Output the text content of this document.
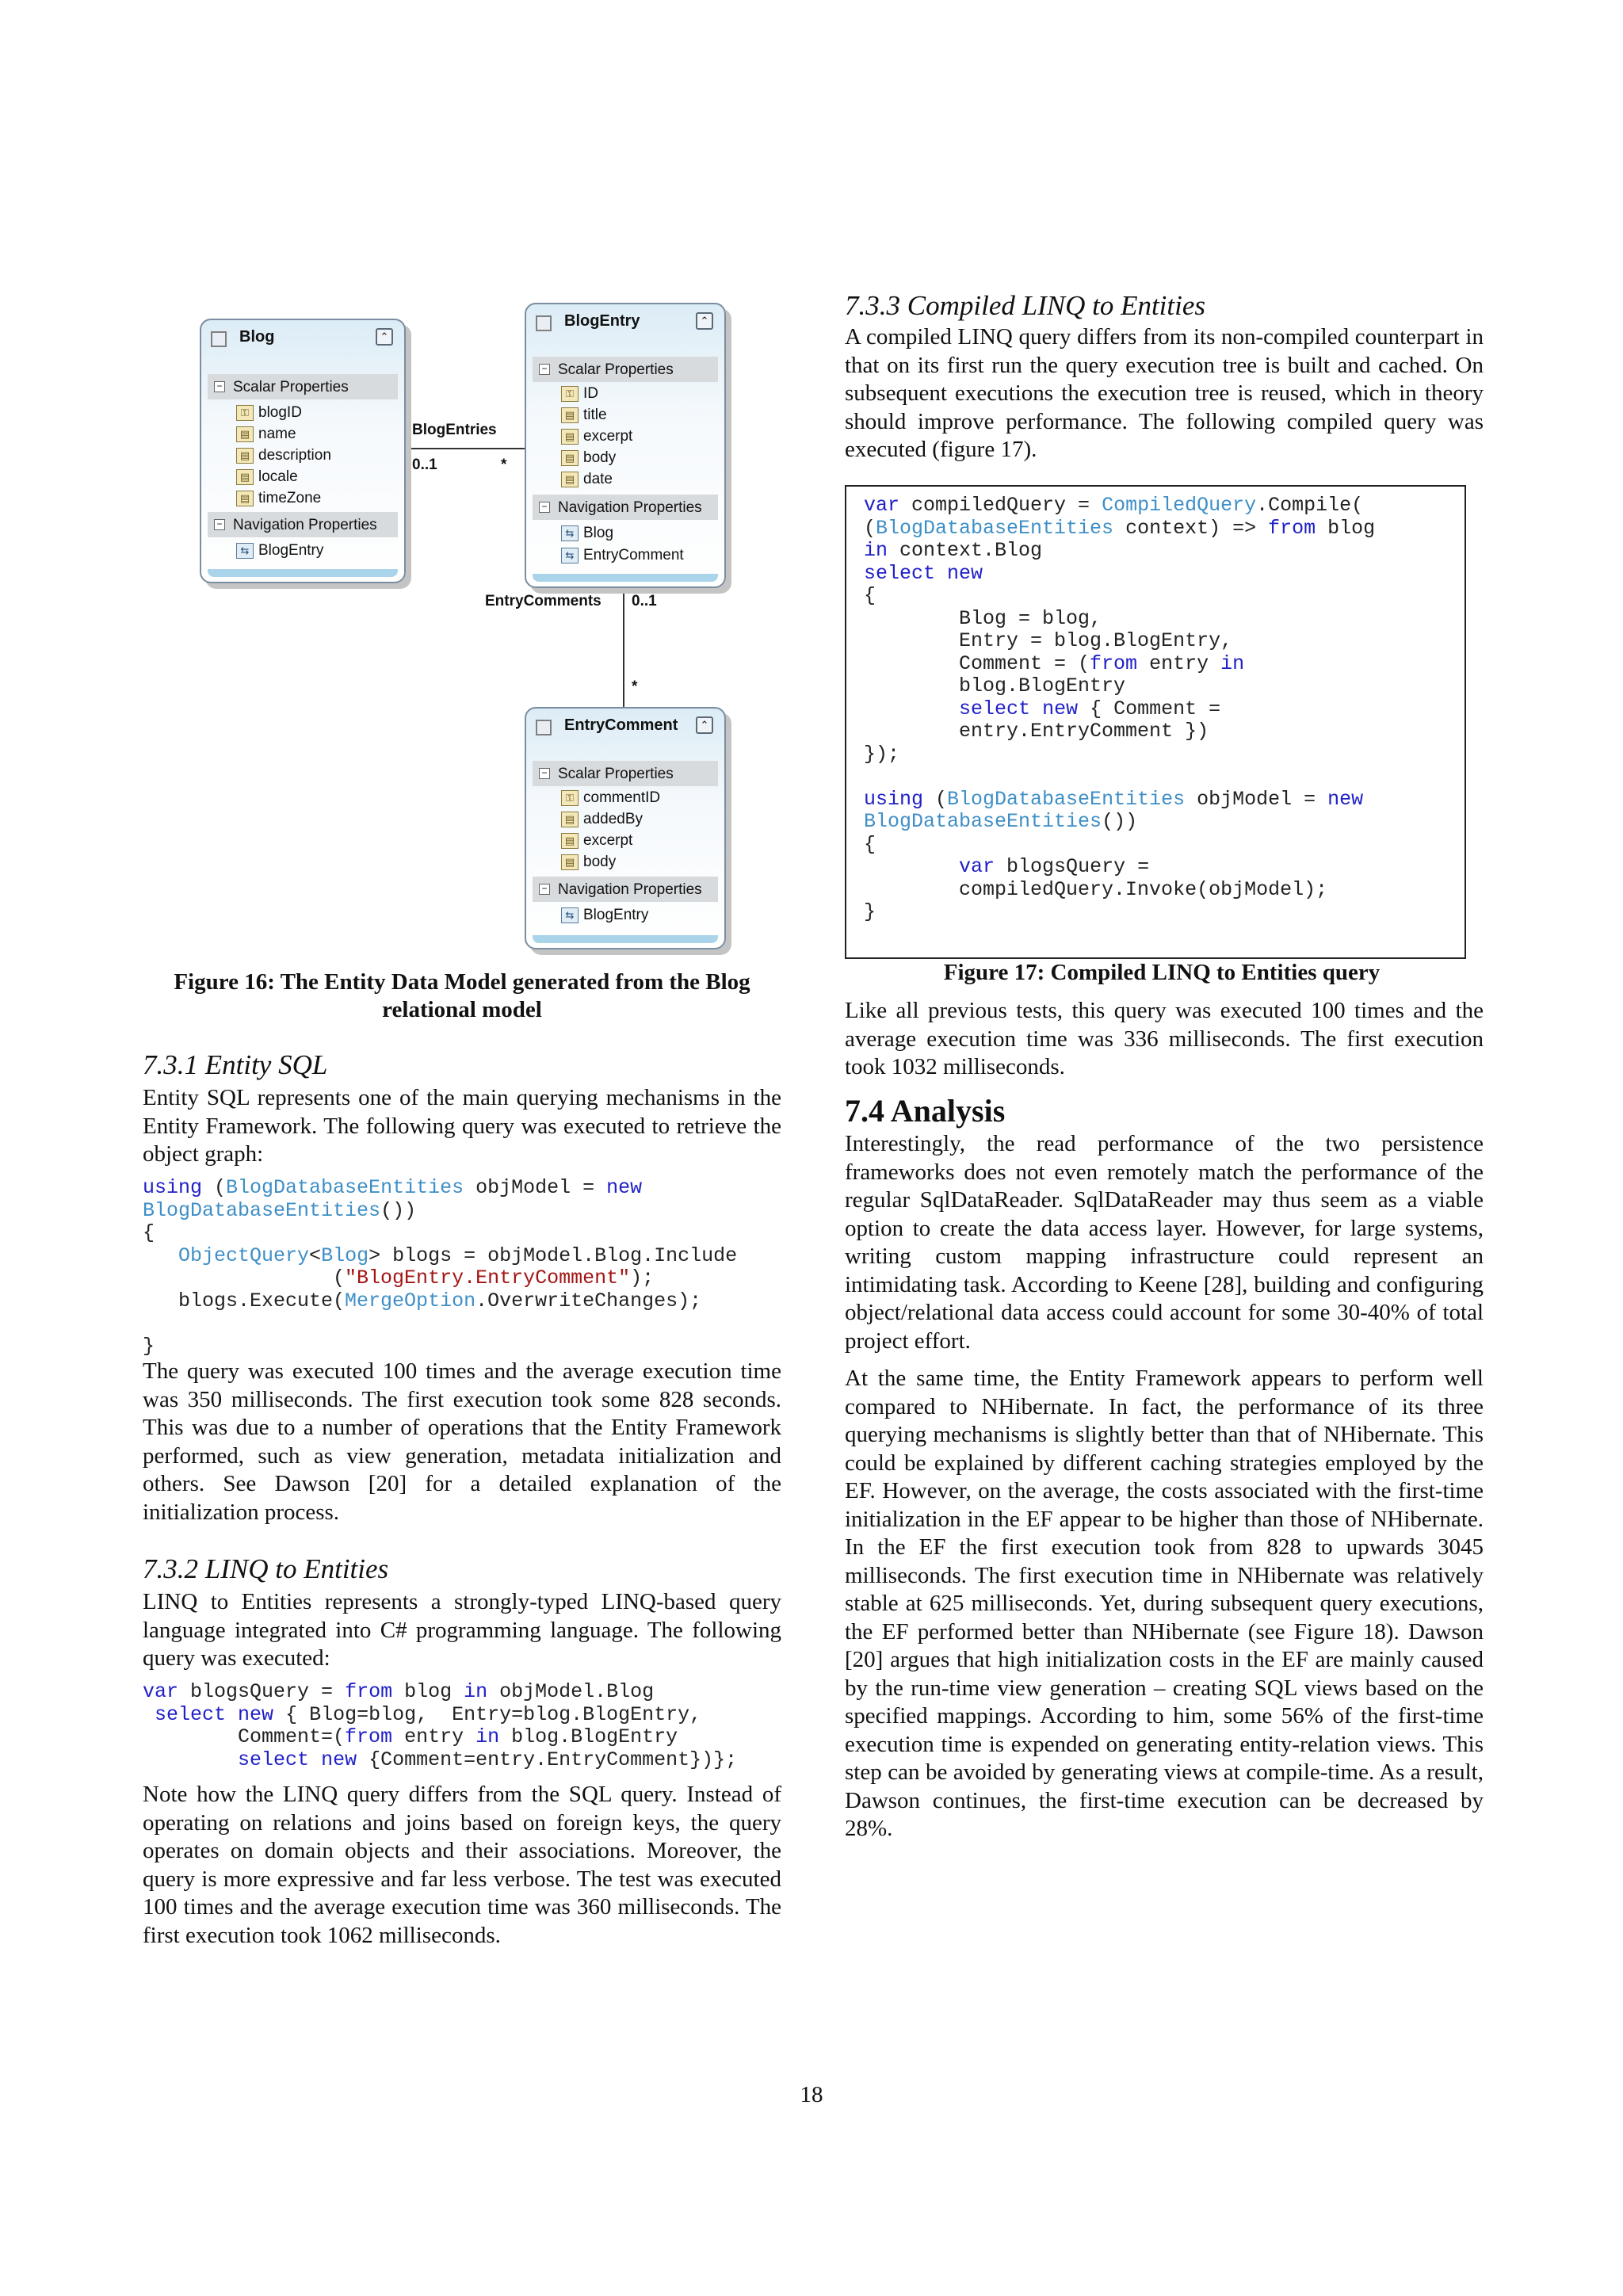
Blog	⌃
− Scalar Properties
⚿ blogID
▤ name
▤ description
▤ locale
▤ timeZone
− Navigation Properties
⇆ BlogEntry
BlogEntry	⌃
− Scalar Properties
⚿ ID
▤ title
▤ excerpt
▤ body
▤ date
− Navigation Properties
⇆ Blog
⇆ EntryComment
EntryComment	⌃
− Scalar Properties
⚿ commentID
▤ addedBy
▤ excerpt
▤ body
− Navigation Properties
⇆ BlogEntry
BlogEntries
0..1	*
EntryComments 0..1
*

Figure 16: The Entity Data Model generated from the Blog
relational model

7.3.1 Entity SQL

Entity SQL represents one of the main querying mechanisms in the Entity Framework. The following query was executed to retrieve the object graph:

using (BlogDatabaseEntities objModel = new
BlogDatabaseEntities())
{
ObjectQuery<Blog> blogs = objModel.Blog.Include
("BlogEntry.EntryComment");
blogs.Execute(MergeOption.OverwriteChanges);

}

The query was executed 100 times and the average execution time was 350 milliseconds. The first execution took some 828 seconds. This was due to a number of operations that the Entity Framework performed, such as view generation, metadata initialization and others. See Dawson [20] for a detailed explanation of the initialization process.

7.3.2 LINQ to Entities

LINQ to Entities represents a strongly-typed LINQ-based query language integrated into C# programming language. The following query was executed:

var blogsQuery = from blog in objModel.Blog
select new { Blog=blog,  Entry=blog.BlogEntry,
Comment=(from entry in blog.BlogEntry
select new {Comment=entry.EntryComment})};

Note how the LINQ query differs from the SQL query. Instead of operating on relations and joins based on foreign keys, the query operates on domain objects and their associations. Moreover, the query is more expressive and far less verbose. The test was executed 100 times and the average execution time was 360 milliseconds. The first execution took 1062 milliseconds.

7.3.3 Compiled LINQ to Entities

A compiled LINQ query differs from its non-compiled counterpart in that on its first run the query execution tree is built and cached. On subsequent executions the execution tree is reused, which in theory should improve performance. The following compiled query was executed (figure 17).

var compiledQuery = CompiledQuery.Compile(
(BlogDatabaseEntities context) => from blog
in context.Blog
select new
{
Blog = blog,
Entry = blog.BlogEntry,
Comment = (from entry in
blog.BlogEntry
select new { Comment =
entry.EntryComment })
});

using (BlogDatabaseEntities objModel = new
BlogDatabaseEntities())
{
var blogsQuery =
compiledQuery.Invoke(objModel);
}

Figure 17: Compiled LINQ to Entities query

Like all previous tests, this query was executed 100 times and the average execution time was 336 milliseconds. The first execution took 1032 milliseconds.

7.4 Analysis

Interestingly, the read performance of the two persistence frameworks does not even remotely match the performance of the regular SqlDataReader. SqlDataReader may thus seem as a viable option to create the data access layer. However, for large systems, writing custom mapping infrastructure could represent an intimidating task. According to Keene [28], building and configuring object/relational data access could account for some 30-40% of total project effort.

At the same time, the Entity Framework appears to perform well compared to NHibernate. In fact, the performance of its three querying mechanisms is slightly better than that of NHibernate. This could be explained by different caching strategies employed by the EF. However, on the average, the costs associated with the first-time initialization in the EF appear to be higher than those of NHibernate. In the EF the first execution took from 828 to upwards 3045 milliseconds. The first execution time in NHibernate was relatively stable at 625 milliseconds. Yet, during subsequent query executions, the EF performed better than NHibernate (see Figure 18). Dawson [20] argues that high initialization costs in the EF are mainly caused by the run-time view generation – creating SQL views based on the specified mappings. According to him, some 56% of the first-time execution time is expended on generating entity-relation views. This step can be avoided by generating views at compile-time. As a result, Dawson continues, the first-time execution can be decreased by 28%.

18
